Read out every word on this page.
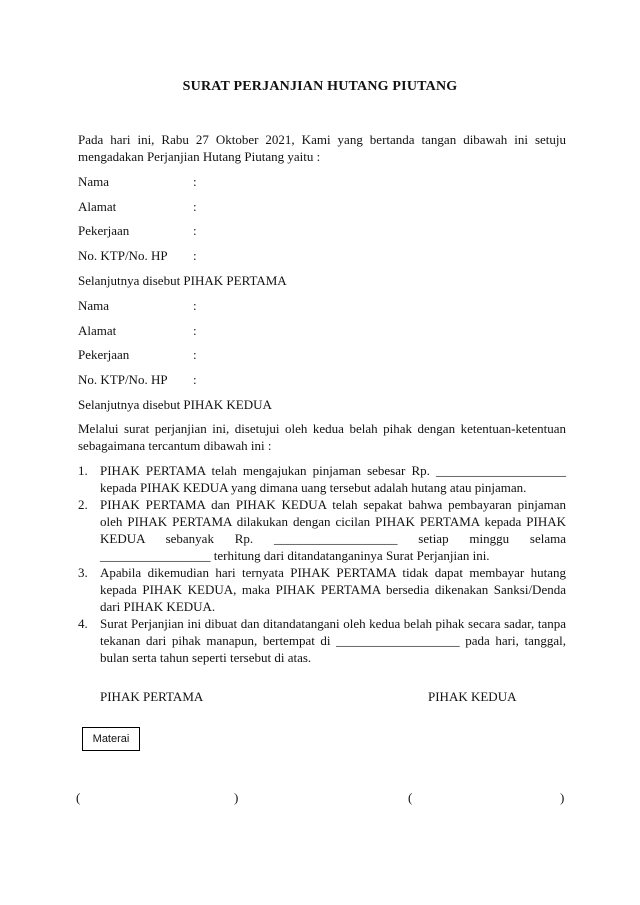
SURAT PERJANJIAN HUTANG PIUTANG
Pada hari ini, Rabu 27 Oktober 2021, Kami yang bertanda tangan dibawah ini setuju
mengadakan Perjanjian Hutang Piutang yaitu :
Nama	:
Alamat	:
Pekerjaan	:
No. KTP/No. HP :
Selanjutnya disebut PIHAK PERTAMA
Nama	:
Alamat	:
Pekerjaan	:
No. KTP/No. HP :
Selanjutnya disebut PIHAK KEDUA
Melalui surat perjanjian ini, disetujui oleh kedua belah pihak dengan ketentuan-ketentuan
sebagaimana tercantum dibawah ini :
1. PIHAK PERTAMA telah mengajukan pinjaman sebesar Rp. ____________________
kepada PIHAK KEDUA yang dimana uang tersebut adalah hutang atau pinjaman.
2. PIHAK PERTAMA dan PIHAK KEDUA telah sepakat bahwa pembayaran pinjaman
oleh PIHAK PERTAMA dilakukan dengan cicilan PIHAK PERTAMA kepada PIHAK
KEDUA sebanyak Rp. ___________________ setiap minggu selama
_________________ terhitung dari ditandatanganinya Surat Perjanjian ini.
3. Apabila dikemudian hari ternyata PIHAK PERTAMA tidak dapat membayar hutang
kepada PIHAK KEDUA, maka PIHAK PERTAMA bersedia dikenakan Sanksi/Denda
dari PIHAK KEDUA.
4. Surat Perjanjian ini dibuat dan ditandatangani oleh kedua belah pihak secara sadar, tanpa
tekanan dari pihak manapun, bertempat di ___________________ pada hari, tanggal,
bulan serta tahun seperti tersebut di atas.
PIHAK PERTAMA	PIHAK KEDUA
Materai
(	)	(	)
